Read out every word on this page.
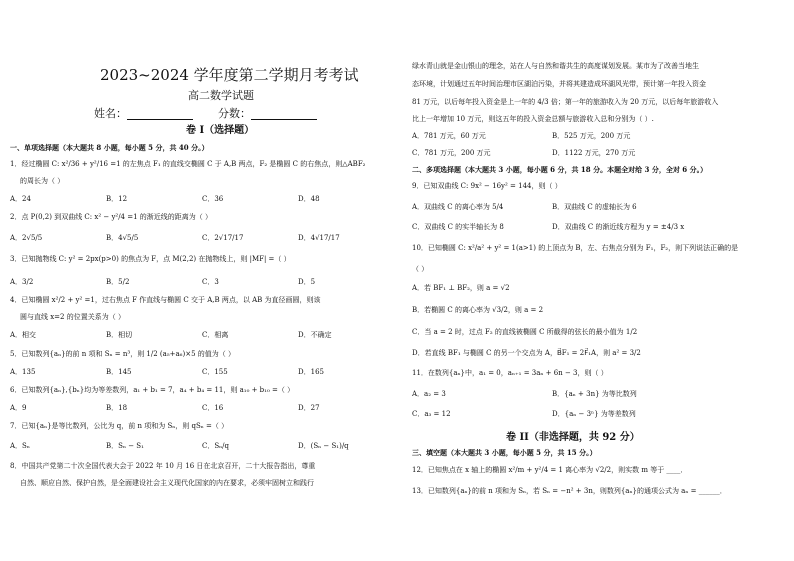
2023~2024 学年度第二学期月考考试
高二数学试题
姓名：	分数：
卷 I（选择题）
一、单项选择题（本大题共 8 小题，每小题 5 分，共 40 分。）
1．经过椭圆 C: x²/36 + y²/16 =1 的左焦点 F₁ 的直线交椭圆 C 于 A,B 两点，F₂ 是椭圆 C 的右焦点，则△ABF₂
的周长为（ ）
A．24	B．12	C．36	D．48
2．点 P(0,2) 到双曲线 C: x² − y²/4 =1 的渐近线的距离为（ ）
A．2√5/5	B．4√5/5	C．2√17/17	D．4√17/17
3．已知抛物线 C: y² = 2px(p>0) 的焦点为 F，点 M(2,2) 在抛物线上，则 |MF| =（ ）
A．3/2	B．5/2	C．3	D．5
4．已知椭圆 x²/2 + y² =1，过右焦点 F 作直线与椭圆 C 交于 A,B 两点，以 AB 为直径画圆，则该
圆与直线 x=2 的位置关系为（ ）
A．相交	B．相切	C．相离	D．不确定
5．已知数列{aₙ}的前 n 项和 Sₙ = n³，则 1/2 (a₅+a₆)×5 的值为（ ）
A．135	B．145	C．155	D．165
6．已知数列{aₙ},{bₙ}均为等差数列，a₁ + b₁ = 7，a₄ + b₄ = 11，则 a₁₀ + b₁₀ =（ ）
A．9	B．18	C．16	D．27
7．已知{aₙ}是等比数列，公比为 q，前 n 项和为 Sₙ，则 qSₙ =（ ）
A．Sₙ	B．Sₙ − S₁	C．Sₙ/q	D．(Sₙ − S₁)/q
8．中国共产党第二十次全国代表大会于 2022 年 10 月 16 日在北京召开，二十大报告指出，尊重
自然、顺应自然、保护自然，是全面建设社会主义现代化国家的内在要求，必须牢固树立和践行
绿水青山就是金山银山的理念，站在人与自然和谐共生的高度谋划发展。某市为了改善当地生
态环境，计划通过五年时间治理市区湖泊污染，并将其建造成环湖风光带，预计第一年投入资金
81 万元，以后每年投入资金是上一年的 4/3 倍；第一年的旅游收入为 20 万元，以后每年旅游收入
比上一年增加 10 万元，则这五年的投入资金总额与旅游收入总和分别为（ ）.
A．781 万元，60 万元	B．525 万元，200 万元
C．781 万元，200 万元	D．1122 万元，270 万元
二、多项选择题（本大题共 3 小题，每小题 6 分，共 18 分。本题全对给 3 分，全对 6 分。）
9．已知双曲线 C: 9x² − 16y² = 144，则（ ）
A．双曲线 C 的离心率为 5/4	B．双曲线 C 的虚轴长为 6
C．双曲线 C 的实半轴长为 8	D．双曲线 C 的渐近线方程为 y = ±4/3 x
10．已知椭圆 C: x²/a² + y² = 1(a>1) 的上顶点为 B，左、右焦点分别为 F₁，F₂，则下列说法正确的是
（ ）
A．若 BF₁ ⊥ BF₂，则 a = √2
B．若椭圆 C 的离心率为 √3/2，则 a = 2
C．当 a = 2 时，过点 F₂ 的直线被椭圆 C 所截得的弦长的最小值为 1/2
D．若直线 BF₁ 与椭圆 C 的另一个交点为 A，B⃗F₁ = 2F⃗₁A，则 a² = 3/2
11．在数列{aₙ}中，a₁ = 0，aₙ₊₁ = 3aₙ + 6n − 3，则（ ）
A．a₂ = 3	B．{aₙ + 3n} 为等比数列
C．a₃ = 12	D．{aₙ − 3ⁿ} 为等差数列
卷 II（非选择题，共 92 分）
三、填空题（本大题共 3 小题，每小题 5 分，共 15 分。）
12．已知焦点在 x 轴上的椭圆 x²/m + y²/4 = 1 离心率为 √2/2，则实数 m 等于 ____．
13．已知数列{aₙ}的前 n 项和为 Sₙ，若 Sₙ = −n² + 3n，则数列{aₙ}的通项公式为 aₙ = ______．
